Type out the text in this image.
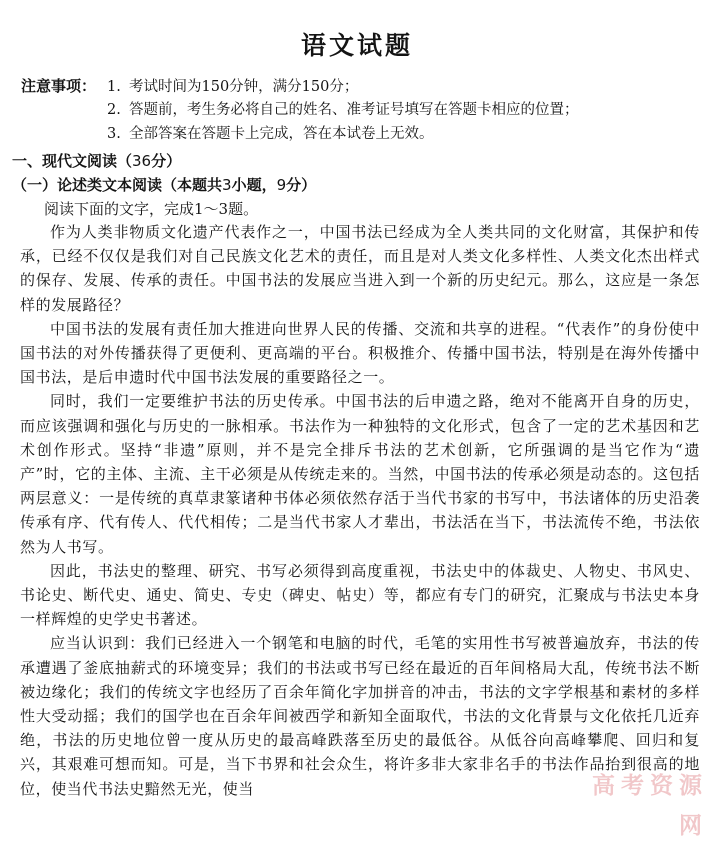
语文试题
注意事项： 1. 考试时间为150分钟，满分150分；
2. 答题前，考生务必将自己的姓名、准考证号填写在答题卡相应的位置；
3. 全部答案在答题卡上完成，答在本试卷上无效。
一、现代文阅读（36分）
（一）论述类文本阅读（本题共3小题，9分）
阅读下面的文字，完成1～3题。

作为人类非物质文化遗产代表作之一，中国书法已经成为全人类共同的文化财富，其保护和传承，已经不仅仅是我们对自己民族文化艺术的责任，而且是对人类文化多样性、人类文化杰出样式的保存、发展、传承的责任。中国书法的发展应当进入到一个新的历史纪元。那么，这应是一条怎样的发展路径？

中国书法的发展有责任加大推进向世界人民的传播、交流和共享的进程。“代表作”的身份使中国书法的对外传播获得了更便利、更高端的平台。积极推介、传播中国书法，特别是在海外传播中国书法，是后申遗时代中国书法发展的重要路径之一。

同时，我们一定要维护书法的历史传承。中国书法的后申遗之路，绝对不能离开自身的历史，而应该强调和强化与历史的一脉相承。书法作为一种独特的文化形式，包含了一定的艺术基因和艺术创作形式。坚持“非遗”原则，并不是完全排斥书法的艺术创新，它所强调的是当它作为“遗产”时，它的主体、主流、主干必须是从传统走来的。当然，中国书法的传承必须是动态的。这包括两层意义：一是传统的真草隶篆诸种书体必须依然存活于当代书家的书写中，书法诸体的历史沿袭传承有序、代有传人、代代相传；二是当代书家人才辈出，书法活在当下，书法流传不绝，书法依然为人书写。

因此，书法史的整理、研究、书写必须得到高度重视，书法史中的体裁史、人物史、书风史、书论史、断代史、通史、简史、专史（碑史、帖史）等，都应有专门的研究，汇聚成与书法史本身一样辉煌的史学史书著述。

应当认识到：我们已经进入一个钢笔和电脑的时代，毛笔的实用性书写被普遍放弃，书法的传承遭遇了釜底抽薪式的环境变异；我们的书法或书写已经在最近的百年间格局大乱，传统书法不断被边缘化；我们的传统文字也经历了百余年简化字加拼音的冲击，书法的文字学根基和素材的多样性大受动摇；我们的国学也在百余年间被西学和新知全面取代，书法的文化背景与文化依托几近弃绝，书法的历史地位曾一度从历史的最高峰跌落至历史的最低谷。从低谷向高峰攀爬、回归和复兴，其艰难可想而知。可是，当下书界和社会众生，将许多非大家非名手的书法作品抬到很高的地位，使当代书法史黯然无光，使当	高考资源网
